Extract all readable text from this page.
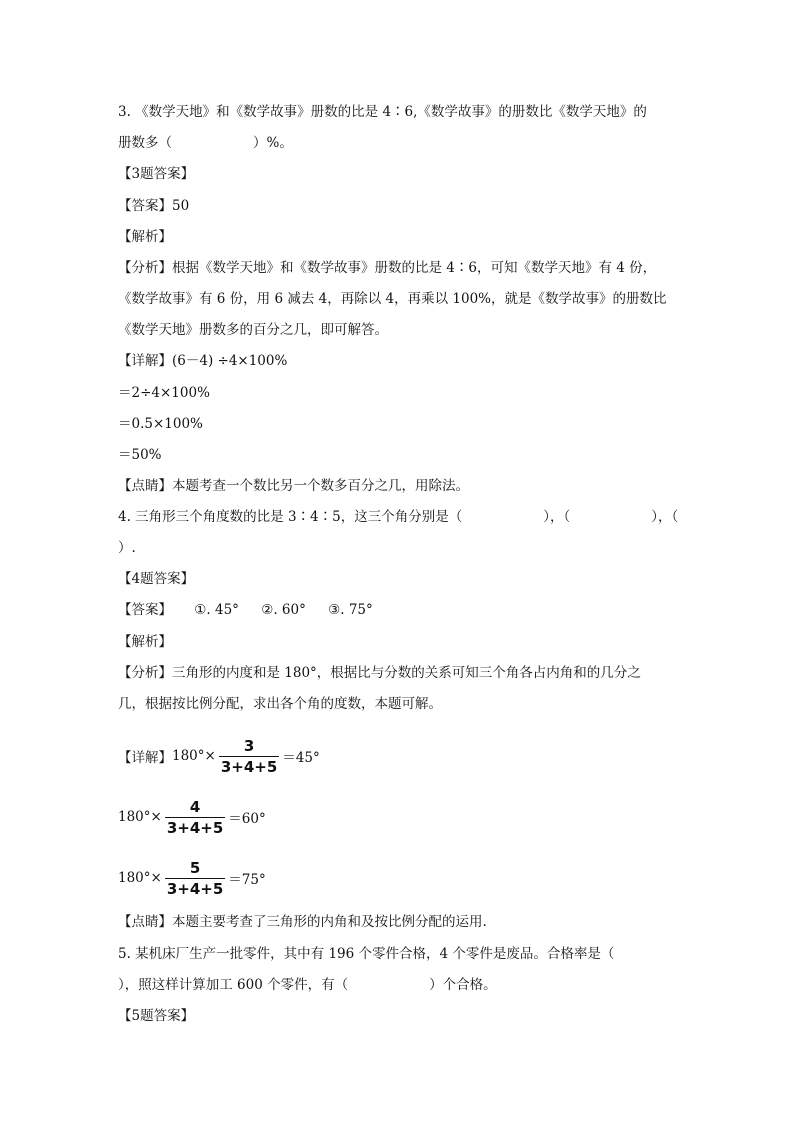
3. 《数学天地》和《数学故事》册数的比是 4∶6,《数学故事》的册数比《数学天地》的
册数多（　　　　　　）%。
【3题答案】
【答案】50
【解析】
【分析】根据《数学天地》和《数学故事》册数的比是 4∶6，可知《数学天地》有 4 份，
《数学故事》有 6 份，用 6 减去 4，再除以 4，再乘以 100%，就是《数学故事》的册数比
《数学天地》册数多的百分之几，即可解答。
【详解】(6－4) ÷4×100%
＝2÷4×100%
＝0.5×100%
＝50%
【点睛】本题考查一个数比另一个数多百分之几，用除法。
4. 三角形三个角度数的比是 3∶4∶5，这三个角分别是（　　　　　　），（　　　　　　），（
）.
【4题答案】
【答案】 ①. 45° ②. 60° ③. 75°
【解析】
【分析】三角形的内度和是 180°，根据比与分数的关系可知三个角各占内角和的几分之
几，根据按比例分配，求出各个角的度数，本题可解。
【详解】 $180^\circ\times \frac{3}{3+4+5} =45^\circ$
$180^\circ\times \frac{4}{3+4+5} =60^\circ$
$180^\circ\times \frac{5}{3+4+5} =75^\circ$
【点睛】本题主要考查了三角形的内角和及按比例分配的运用.
5. 某机床厂生产一批零件，其中有 196 个零件合格，4 个零件是废品。合格率是（
），照这样计算加工 600 个零件，有（　　　　　　）个合格。
【5题答案】
